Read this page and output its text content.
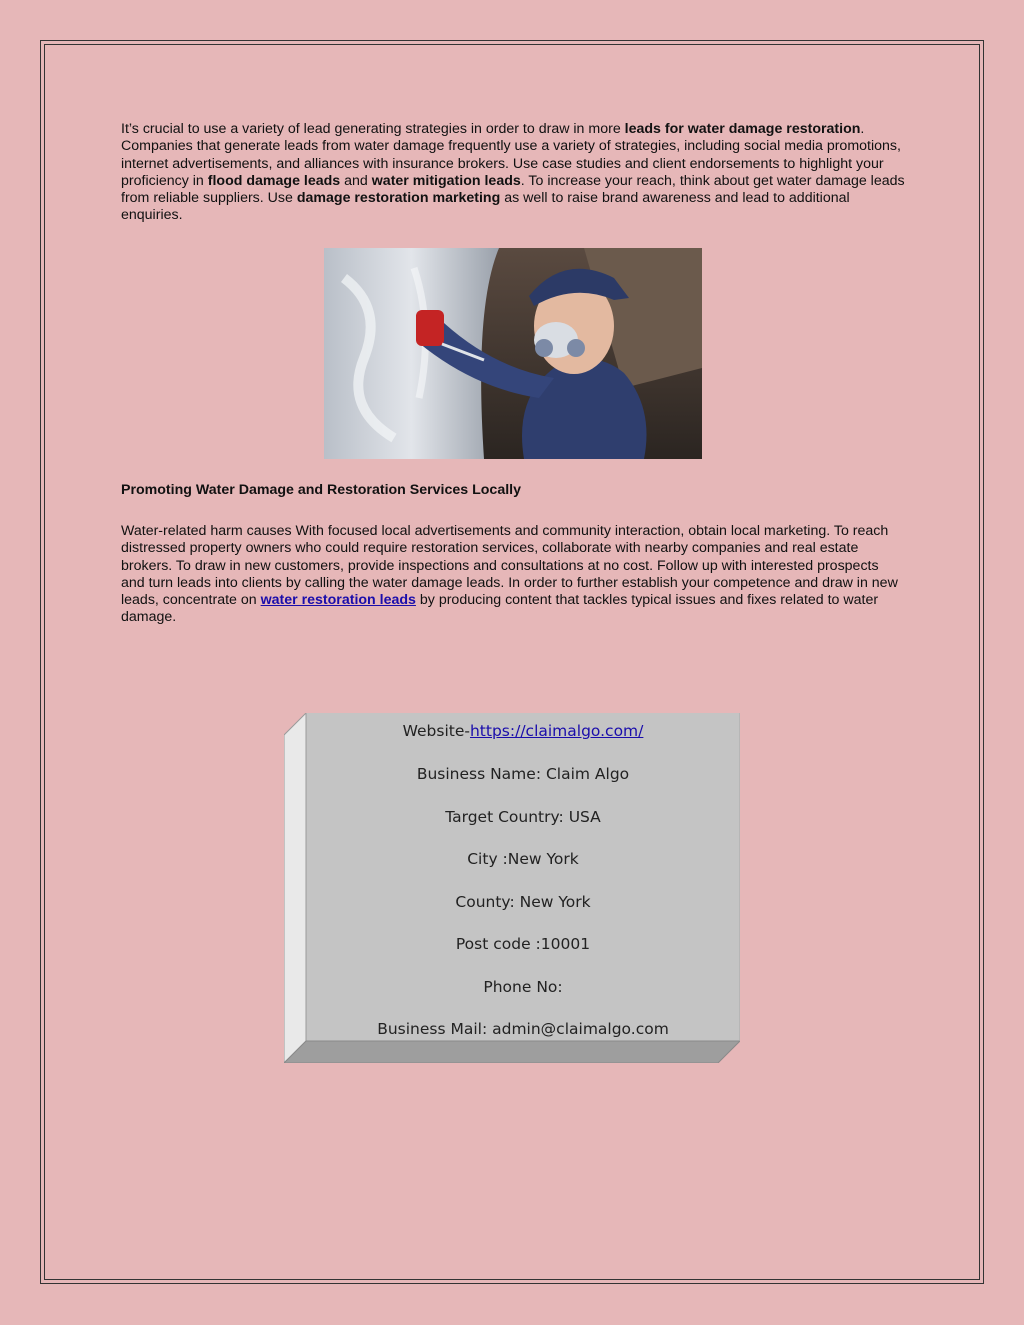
It’s crucial to use a variety of lead generating strategies in order to draw in more leads for water damage restoration. Companies that generate leads from water damage frequently use a variety of strategies, including social media promotions, internet advertisements, and alliances with insurance brokers. Use case studies and client endorsements to highlight your proficiency in flood damage leads and water mitigation leads. To increase your reach, think about get water damage leads from reliable suppliers. Use damage restoration marketing as well to raise brand awareness and lead to additional enquiries.

Promoting Water Damage and Restoration Services Locally

Water-related harm causes With focused local advertisements and community interaction, obtain local marketing. To reach distressed property owners who could require restoration services, collaborate with nearby companies and real estate brokers. To draw in new customers, provide inspections and consultations at no cost. Follow up with interested prospects and turn leads into clients by calling the water damage leads. In order to further establish your competence and draw in new leads, concentrate on water restoration leads by producing content that tackles typical issues and fixes related to water damage.

Website-https://claimalgo.com/

Business Name: Claim Algo

Target Country: USA

City :New York

County: New York

Post code :10001

Phone No:

Business Mail: admin@claimalgo.com
